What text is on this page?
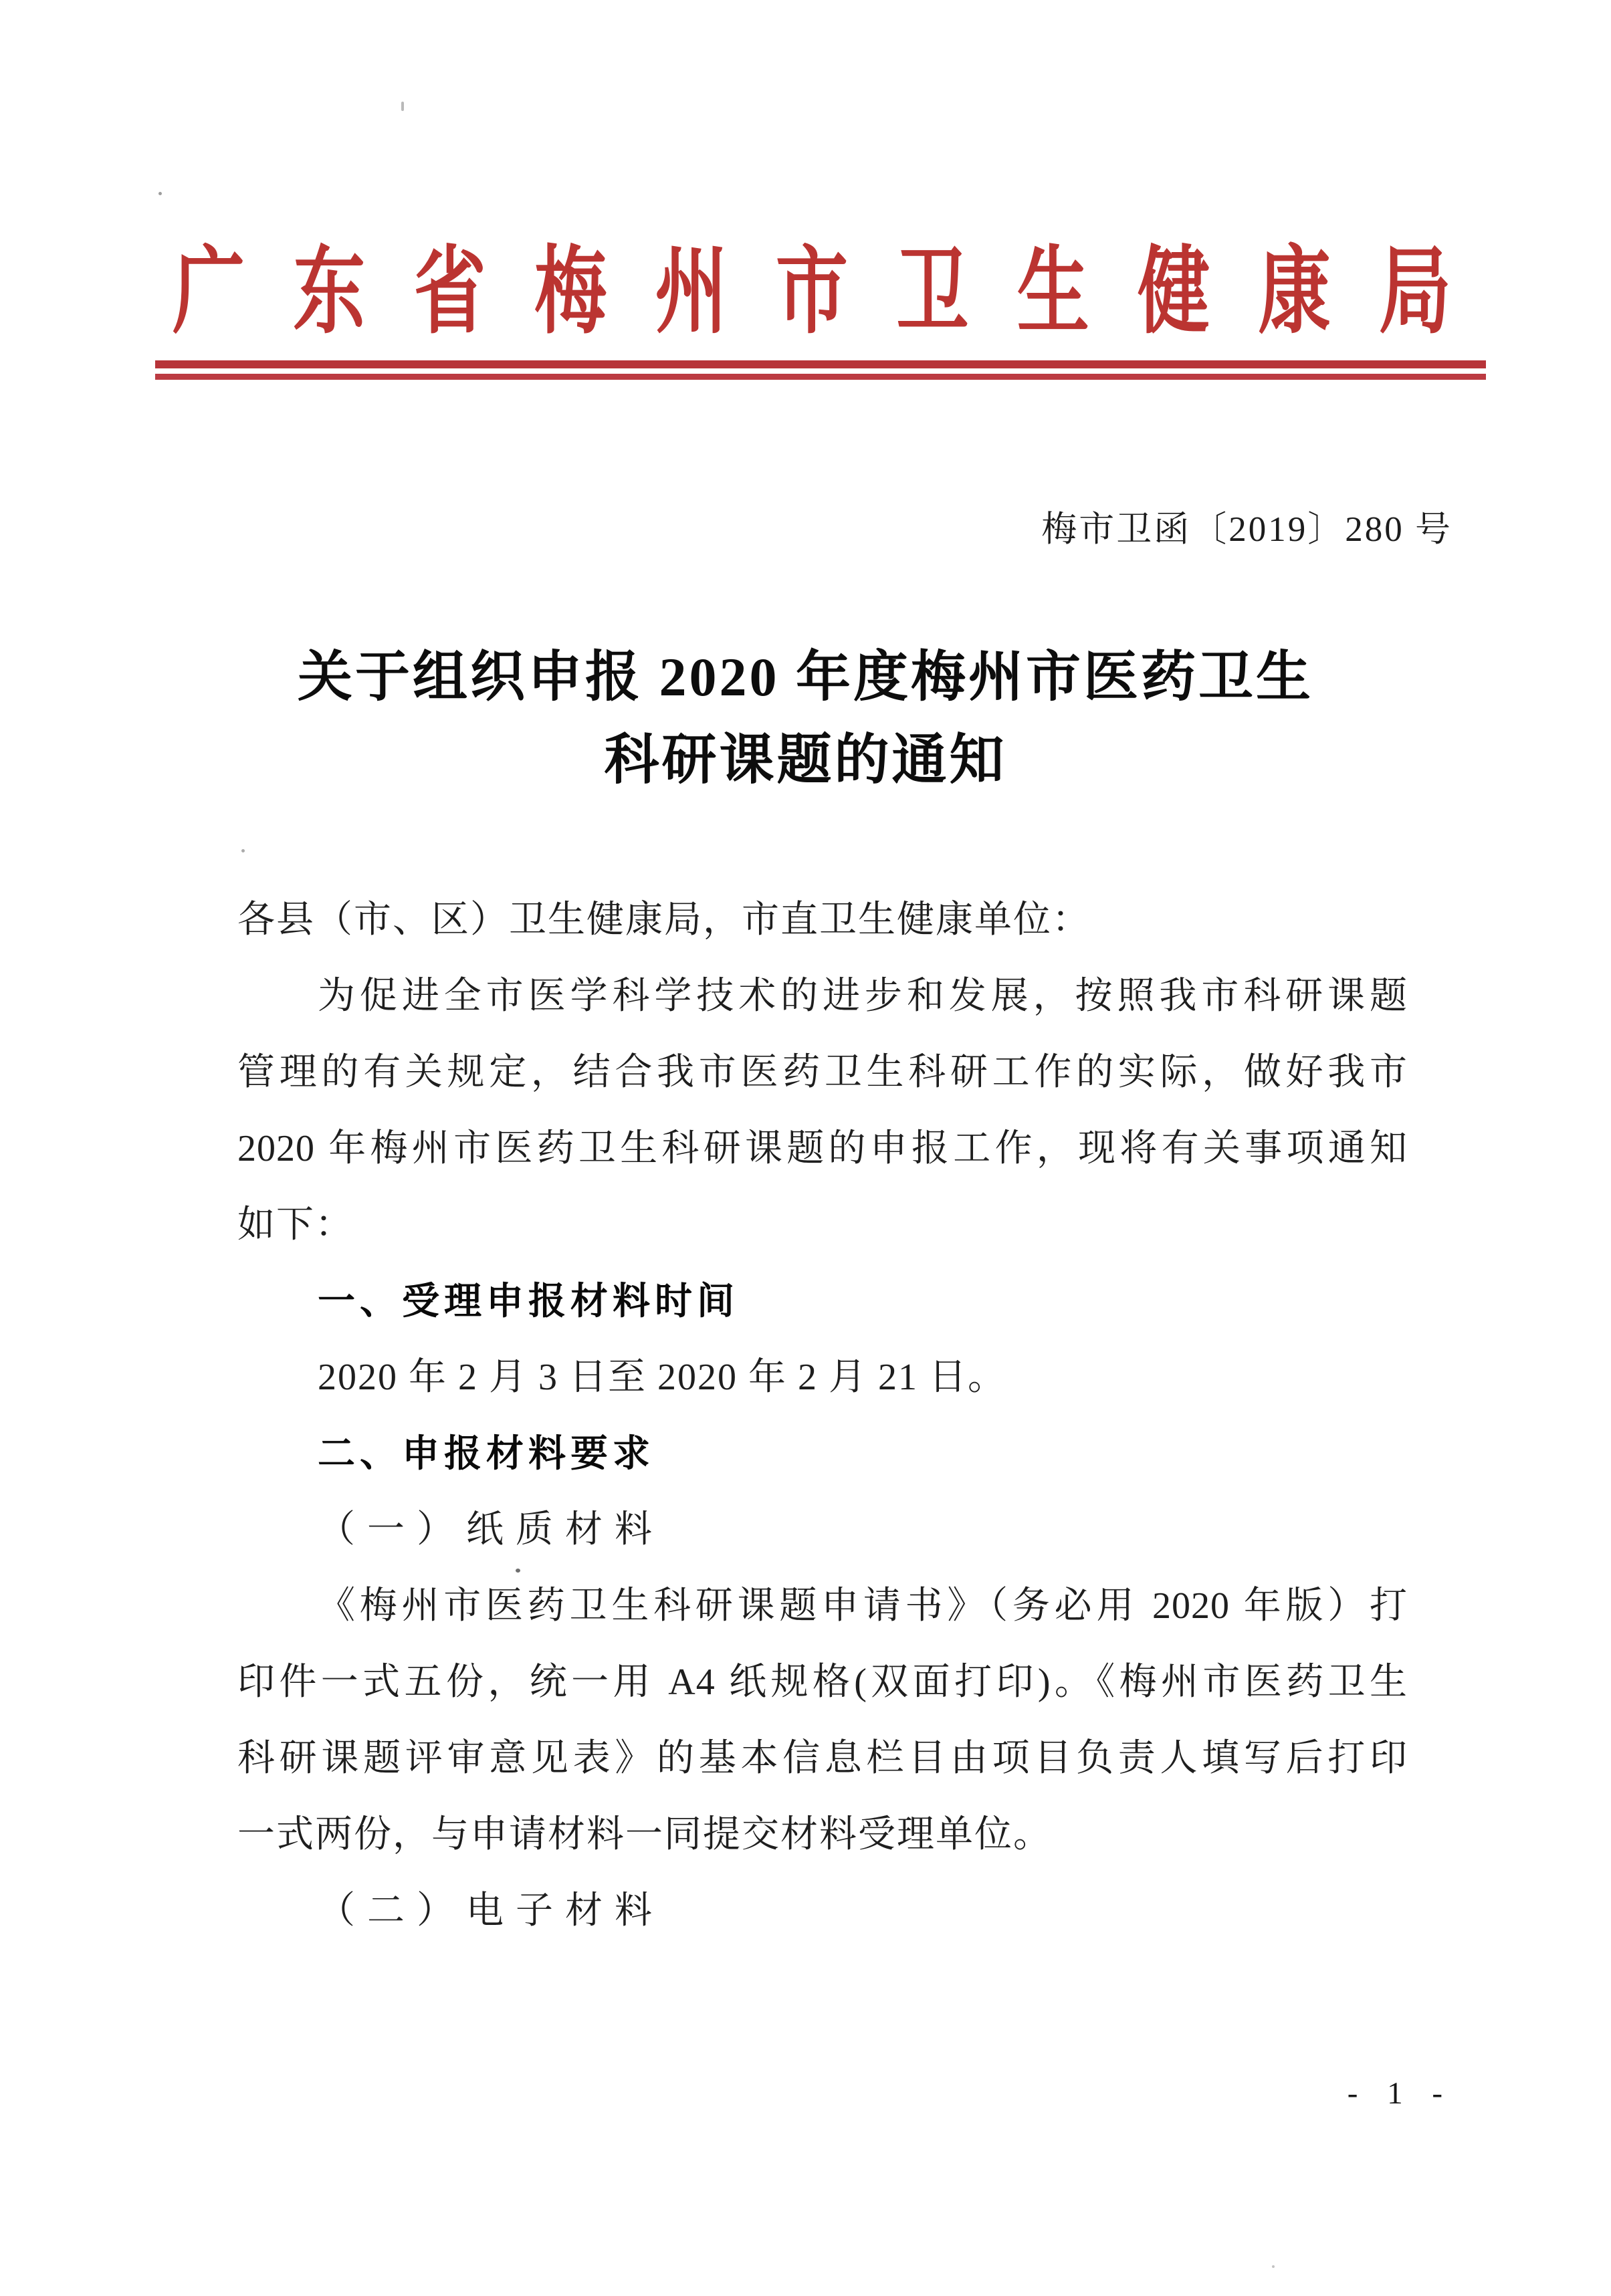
广 东 省 梅 州 市 卫 生 健 康 局
梅市卫函〔2019〕280 号
关于组织申报 2020 年度梅州市医药卫生
科研课题的通知
各县（市、区）卫生健康局，市直卫生健康单位：
为促进全市医学科学技术的进步和发展，按照我市科研课题
管理的有关规定，结合我市医药卫生科研工作的实际，做好我市
2020 年梅州市医药卫生科研课题的申报工作，现将有关事项通知
如下：
一、受理申报材料时间
2020 年 2 月 3 日至 2020 年 2 月 21 日。
二、申报材料要求
（一）纸质材料
《梅州市医药卫生科研课题申请书》（务必用 2020 年版）打
印件一式五份，统一用 A4 纸规格(双面打印)。《梅州市医药卫生
科研课题评审意见表》的基本信息栏目由项目负责人填写后打印
一式两份，与申请材料一同提交材料受理单位。
（二）电子材料
- 1 -
